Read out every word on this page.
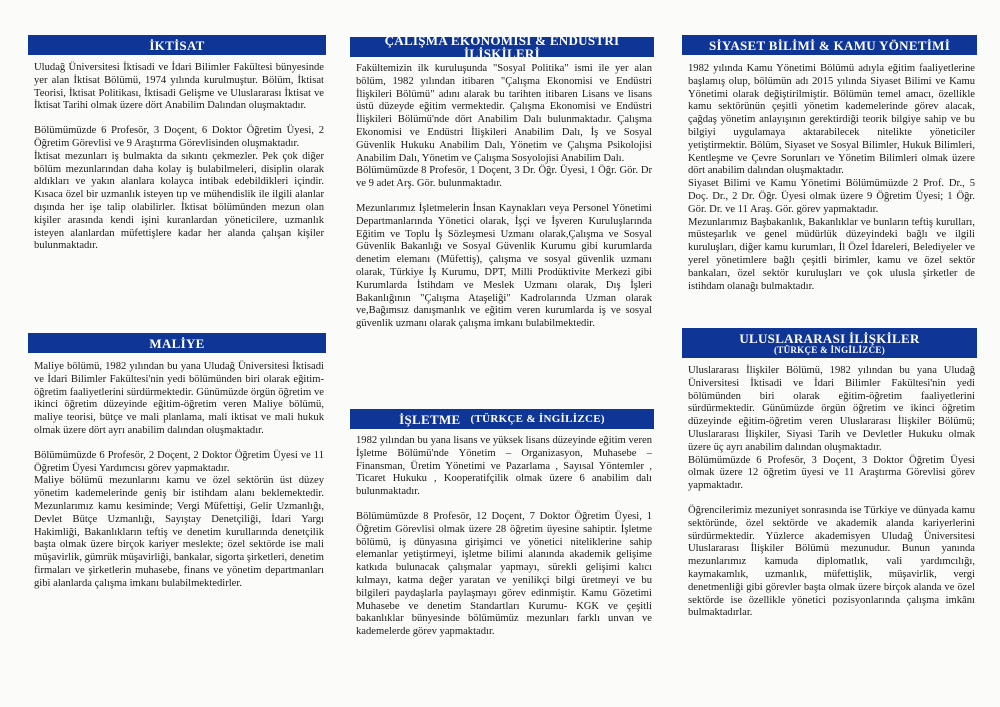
İKTİSAT

Uludağ Üniversitesi İktisadi ve İdari Bilimler Fakültesi bünyesinde yer alan İktisat Bölümü, 1974 yılında kurulmuştur. Bölüm, İktisat Teorisi, İktisat Politikası, İktisadi Gelişme ve Uluslararası İktisat ve İktisat Tarihi olmak üzere dört Anabilim Dalından oluşmaktadır.

Bölümümüzde 6 Profesör, 3 Doçent, 6 Doktor Öğretim Üyesi, 2 Öğretim Görevlisi ve 9 Araştırma Görevlisinden oluşmaktadır.

İktisat mezunları iş bulmakta da sıkıntı çekmezler. Pek çok diğer bölüm mezunlarından daha kolay iş bulabilmeleri, disiplin olarak aldıkları ve yakın alanlara kolayca intibak edebildikleri içindir. Kısaca özel bir uzmanlık isteyen tıp ve mühendislik ile ilgili alanlar dışında her işe talip olabilirler. İktisat bölümünden mezun olan kişiler arasında kendi işini kuranlardan yöneticilere, uzmanlık isteyen alanlardan müfettişlere kadar her alanda çalışan kişiler bulunmaktadır.

MALİYE

Maliye bölümü, 1982 yılından bu yana Uludağ Üniversitesi İktisadi ve İdari Bilimler Fakültesi'nin yedi bölümünden biri olarak eğitim-öğretim faaliyetlerini sürdürmektedir. Günümüzde örgün öğretim ve ikinci öğretim düzeyinde eğitim-öğretim veren Maliye bölümü, maliye teorisi, bütçe ve mali planlama, mali iktisat ve mali hukuk olmak üzere dört ayrı anabilim dalından oluşmaktadır.

Bölümümüzde 6 Profesör, 2 Doçent, 2 Doktor Öğretim Üyesi ve 11 Öğretim Üyesi Yardımcısı görev yapmaktadır.

Maliye bölümü mezunlarını kamu ve özel sektörün üst düzey yönetim kademelerinde geniş bir istihdam alanı beklemektedir. Mezunlarımız kamu kesiminde; Vergi Müfettişi, Gelir Uzmanlığı, Devlet Bütçe Uzmanlığı, Sayıştay Denetçiliği, İdari Yargı Hakimliği, Bakanlıkların teftiş ve denetim kurullarında denetçilik başta olmak üzere birçok kariyer meslekte; özel sektörde ise mali müşavirlik, gümrük müşavirliği, bankalar, sigorta şirketleri, denetim firmaları ve şirketlerin muhasebe, finans ve yönetim departmanları gibi alanlarda çalışma imkanı bulabilmektedirler.

ÇALIŞMA EKONOMİSİ & ENDÜSTRİ İLİŞKİLERİ

Fakültemizin ilk kuruluşunda "Sosyal Politika" ismi ile yer alan bölüm, 1982 yılından itibaren "Çalışma Ekonomisi ve Endüstri İlişkileri Bölümü" adını alarak bu tarihten itibaren Lisans ve lisans üstü düzeyde eğitim vermektedir. Çalışma Ekonomisi ve Endüstri İlişkileri Bölümü'nde dört Anabilim Dalı bulunmaktadır. Çalışma Ekonomisi ve Endüstri İlişkileri Anabilim Dalı, İş ve Sosyal Güvenlik Hukuku Anabilim Dalı, Yönetim ve Çalışma Psikolojisi Anabilim Dalı, Yönetim ve Çalışma Sosyolojisi Anabilim Dalı.

Bölümümüzde 8 Profesör, 1 Doçent, 3 Dr. Öğr. Üyesi, 1 Öğr. Gör. Dr ve 9 adet Arş. Gör. bulunmaktadır.

Mezunlarımız İşletmelerin İnsan Kaynakları veya Personel Yönetimi Departmanlarında Yönetici olarak, İşçi ve İşveren Kuruluşlarında Eğitim ve Toplu İş Sözleşmesi Uzmanı olarak,Çalışma ve Sosyal Güvenlik Bakanlığı ve Sosyal Güvenlik Kurumu gibi kurumlarda denetim elemanı (Müfettiş), çalışma ve sosyal güvenlik uzmanı olarak, Türkiye İş Kurumu, DPT, Milli Prodüktivite Merkezi gibi Kurumlarda İstihdam ve Meslek Uzmanı olarak, Dış İşleri Bakanlığının "Çalışma Ataşeliği" Kadrolarında Uzman olarak ve,Bağımsız danışmanlık ve eğitim veren kurumlarda iş ve sosyal güvenlik uzmanı olarak çalışma imkanı bulabilmektedir.

İŞLETME (TÜRKÇE & İNGİLİZCE)

1982 yılından bu yana lisans ve yüksek lisans düzeyinde eğitim veren İşletme Bölümü'nde Yönetim – Organizasyon, Muhasebe – Finansman, Üretim Yönetimi ve Pazarlama , Sayısal Yöntemler , Ticaret Hukuku , Kooperatifçilik olmak üzere 6 anabilim dalı bulunmaktadır.

Bölümümüzde 8 Profesör, 12 Doçent, 7 Doktor Öğretim Üyesi, 1 Öğretim Görevlisi olmak üzere 28 öğretim üyesine sahiptir. İşletme bölümü, iş dünyasına girişimci ve yönetici niteliklerine sahip elemanlar yetiştirmeyi, işletme bilimi alanında akademik gelişime katkıda bulunacak çalışmalar yapmayı, sürekli gelişimi kalıcı kılmayı, katma değer yaratan ve yenilikçi bilgi üretmeyi ve bu bilgileri paydaşlarla paylaşmayı görev edinmiştir. Kamu Gözetimi Muhasebe ve denetim Standartları Kurumu- KGK ve çeşitli bakanlıklar bünyesinde bölümümüz mezunları farklı unvan ve kademelerde görev yapmaktadır.

SİYASET BİLİMİ & KAMU YÖNETİMİ

1982 yılında Kamu Yönetimi Bölümü adıyla eğitim faaliyetlerine başlamış olup, bölümün adı 2015 yılında Siyaset Bilimi ve Kamu Yönetimi olarak değiştirilmiştir. Bölümün temel amacı, özellikle kamu sektörünün çeşitli yönetim kademelerinde görev alacak, çağdaş yönetim anlayışının gerektirdiği teorik bilgiye sahip ve bu bilgiyi uygulamaya aktarabilecek nitelikte yöneticiler yetiştirmektir. Bölüm, Siyaset ve Sosyal Bilimler, Hukuk Bilimleri, Kentleşme ve Çevre Sorunları ve Yönetim Bilimleri olmak üzere dört anabilim dalından oluşmaktadır.

Siyaset Bilimi ve Kamu Yönetimi Bölümümüzde 2 Prof. Dr., 5 Doç. Dr., 2 Dr. Öğr. Üyesi olmak üzere 9 Öğretim Üyesi; 1 Öğr. Gör. Dr. ve 11 Araş. Gör. görev yapmaktadır.

Mezunlarımız Başbakanlık, Bakanlıklar ve bunların teftiş kurulları, müsteşarlık ve genel müdürlük düzeyindeki bağlı ve ilgili kuruluşları, diğer kamu kurumları, İl Özel İdareleri, Belediyeler ve yerel yönetimlere bağlı çeşitli birimler, kamu ve özel sektör bankaları, özel sektör kuruluşları ve çok ulusla şirketler de istihdam olanağı bulmaktadır.

ULUSLARARASI İLİŞKİLER
(TÜRKÇE & İNGİLİZCE)

Uluslararası İlişkiler Bölümü, 1982 yılından bu yana Uludağ Üniversitesi İktisadi ve İdari Bilimler Fakültesi'nin yedi bölümünden biri olarak eğitim-öğretim faaliyetlerini sürdürmektedir. Günümüzde örgün öğretim ve ikinci öğretim düzeyinde eğitim-öğretim veren Uluslararası İlişkiler Bölümü; Uluslararası İlişkiler, Siyasi Tarih ve Devletler Hukuku olmak üzere üç ayrı anabilim dalından oluşmaktadır.

Bölümümüzde 6 Profesör, 3 Doçent, 3 Doktor Öğretim Üyesi olmak üzere 12 öğretim üyesi ve 11 Araştırma Görevlisi görev yapmaktadır.

Öğrencilerimiz mezuniyet sonrasında ise Türkiye ve dünyada kamu sektöründe, özel sektörde ve akademik alanda kariyerlerini sürdürmektedir. Yüzlerce akademisyen Uludağ Üniversitesi Uluslararası İlişkiler Bölümü mezunudur. Bunun yanında mezunlarımız kamuda diplomatlık, vali yardımcılığı, kaymakamlık, uzmanlık, müfettişlik, müşavirlik, vergi denetmenliği gibi görevler başta olmak üzere birçok alanda ve özel sektörde ise özellikle yönetici pozisyonlarında çalışma imkânı bulmaktadırlar.
